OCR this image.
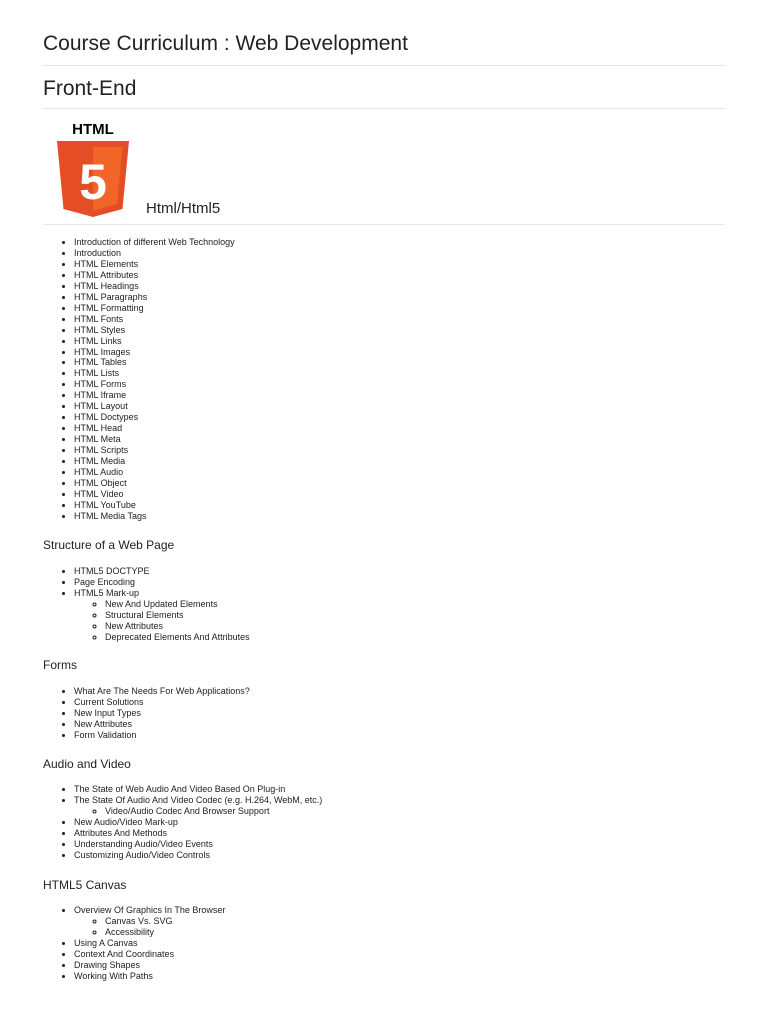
Course Curriculum : Web Development
Front-End
HTML
5	Html/Html5
• Introduction of different Web Technology
• Introduction
• HTML Elements
• HTML Attributes
• HTML Headings
• HTML Paragraphs
• HTML Formatting
• HTML Fonts
• HTML Styles
• HTML Links
• HTML Images
• HTML Tables
• HTML Lists
• HTML Forms
• HTML Iframe
• HTML Layout
• HTML Doctypes
• HTML Head
• HTML Meta
• HTML Scripts
• HTML Media
• HTML Audio
• HTML Object
• HTML Video
• HTML YouTube
• HTML Media Tags
Structure of a Web Page
• HTML5 DOCTYPE
• Page Encoding
• HTML5 Mark-up
◦ New And Updated Elements
◦ Structural Elements
◦ New Attributes
◦ Deprecated Elements And Attributes
Forms
• What Are The Needs For Web Applications?
• Current Solutions
• New Input Types
• New Attributes
• Form Validation
Audio and Video
• The State of Web Audio And Video Based On Plug-in
• The State Of Audio And Video Codec (e.g. H.264, WebM, etc.)
◦ Video/Audio Codec And Browser Support
• New Audio/Video Mark-up
• Attributes And Methods
• Understanding Audio/Video Events
• Customizing Audio/Video Controls
HTML5 Canvas
• Overview Of Graphics In The Browser
◦ Canvas Vs. SVG
◦ Accessibility
• Using A Canvas
• Context And Coordinates
• Drawing Shapes
• Working With Paths
